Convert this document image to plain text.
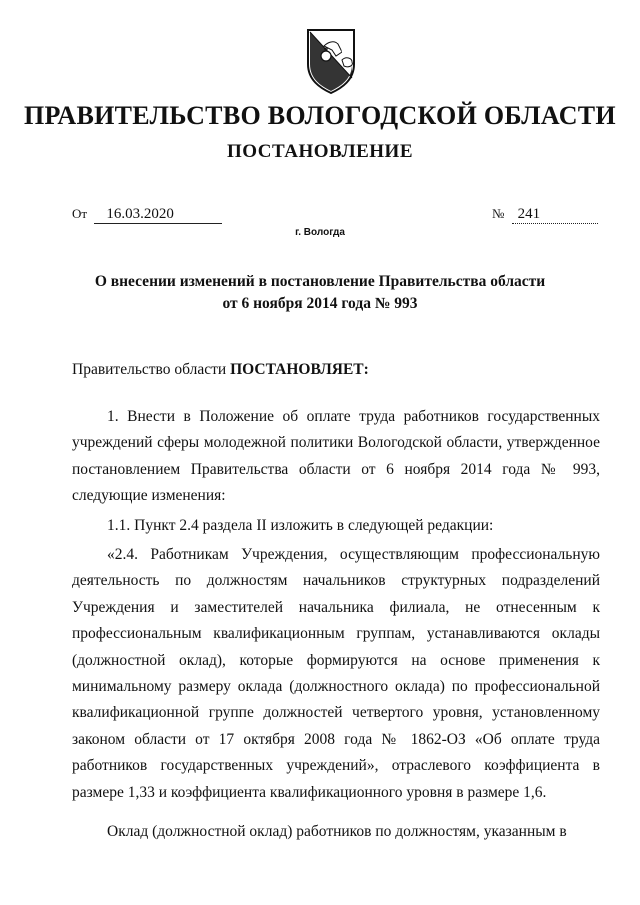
ПРАВИТЕЛЬСТВО ВОЛОГОДСКОЙ ОБЛАСТИ
ПОСТАНОВЛЕНИЕ
От 16.03.2020	№ 241
г. Вологда
О внесении изменений в постановление Правительства области
от 6 ноября 2014 года № 993
Правительство области ПОСТАНОВЛЯЕТ:

1. Внести в Положение об оплате труда работников государственных учреждений сферы молодежной политики Вологодской области, утвержденное постановлением Правительства области от 6 ноября 2014 года № 993, следующие изменения:

1.1. Пункт 2.4 раздела II изложить в следующей редакции:

«2.4. Работникам Учреждения, осуществляющим профессиональную деятельность по должностям начальников структурных подразделений Учреждения и заместителей начальника филиала, не отнесенным к профессиональным квалификационным группам, устанавливаются оклады (должностной оклад), которые формируются на основе применения к минимальному размеру оклада (должностного оклада) по профессиональной квалификационной группе должностей четвертого уровня, установленному законом области от 17 октября 2008 года № 1862-ОЗ «Об оплате труда работников государственных учреждений», отраслевого коэффициента в размере 1,33 и коэффициента квалификационного уровня в размере 1,6.

Оклад (должностной оклад) работников по должностям, указанным в
